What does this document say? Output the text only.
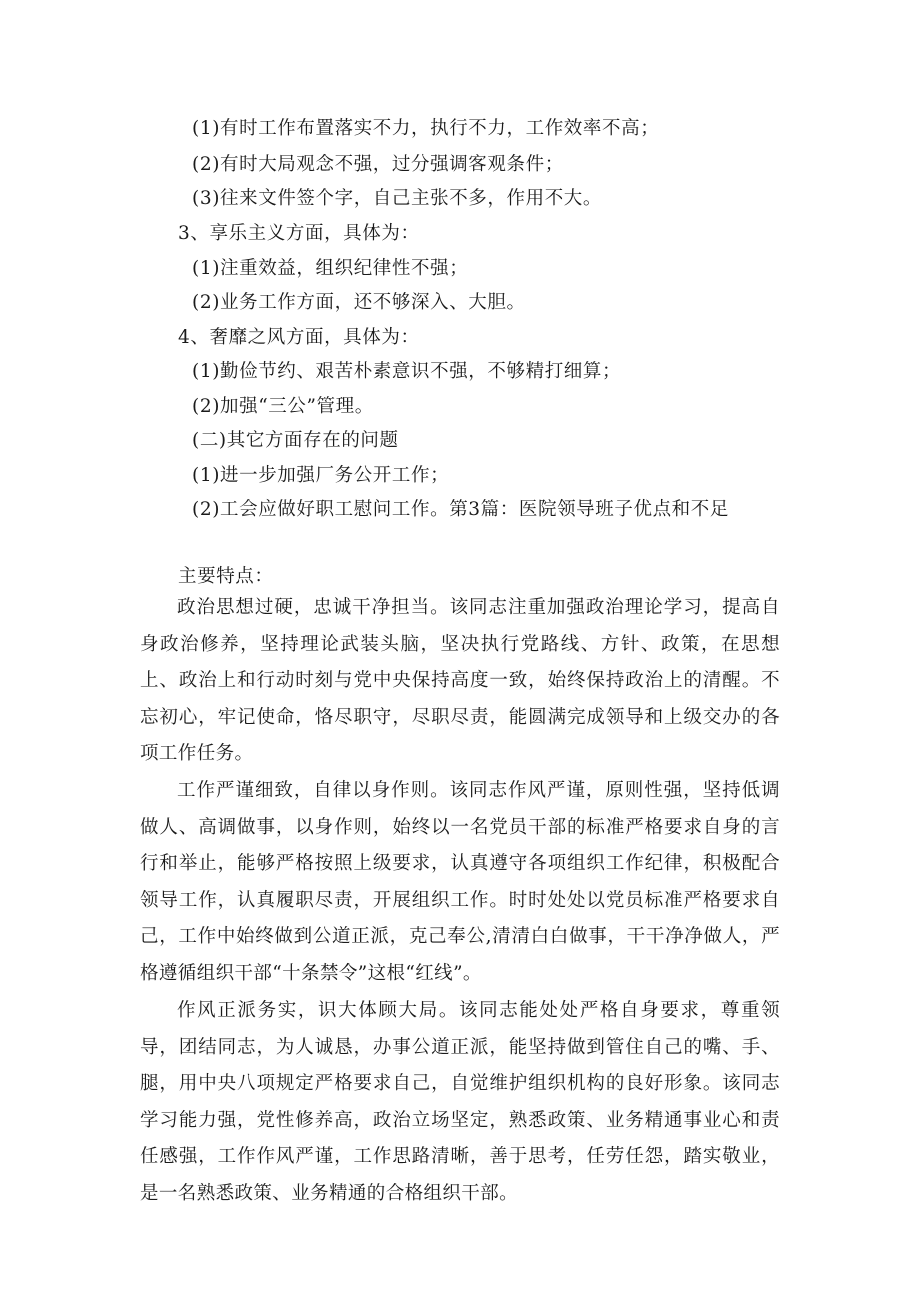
(1)有时工作布置落实不力，执行不力，工作效率不高；
(2)有时大局观念不强，过分强调客观条件；
(3)往来文件签个字，自己主张不多，作用不大。
3、享乐主义方面，具体为：
(1)注重效益，组织纪律性不强；
(2)业务工作方面，还不够深入、大胆。
4、奢靡之风方面，具体为：
(1)勤俭节约、艰苦朴素意识不强，不够精打细算；
(2)加强“三公”管理。
(二)其它方面存在的问题
(1)进一步加强厂务公开工作；
(2)工会应做好职工慰问工作。第3篇：医院领导班子优点和不足
主要特点：

政治思想过硬，忠诚干净担当。该同志注重加强政治理论学习，提高自身政治修养，坚持理论武装头脑，坚决执行党路线、方针、政策，在思想上、政治上和行动时刻与党中央保持高度一致，始终保持政治上的清醒。不忘初心，牢记使命，恪尽职守，尽职尽责，能圆满完成领导和上级交办的各项工作任务。

工作严谨细致，自律以身作则。该同志作风严谨，原则性强，坚持低调做人、高调做事，以身作则，始终以一名党员干部的标准严格要求自身的言行和举止，能够严格按照上级要求，认真遵守各项组织工作纪律，积极配合领导工作，认真履职尽责，开展组织工作。时时处处以党员标准严格要求自己，工作中始终做到公道正派，克己奉公,清清白白做事，干干净净做人，严格遵循组织干部“十条禁令”这根“红线”。

作风正派务实，识大体顾大局。该同志能处处严格自身要求，尊重领导，团结同志，为人诚恳，办事公道正派，能坚持做到管住自己的嘴、手、腿，用中央八项规定严格要求自己，自觉维护组织机构的良好形象。该同志学习能力强，党性修养高，政治立场坚定，熟悉政策、业务精通事业心和责任感强，工作作风严谨，工作思路清晰，善于思考，任劳任怨，踏实敬业，是一名熟悉政策、业务精通的合格组织干部。
